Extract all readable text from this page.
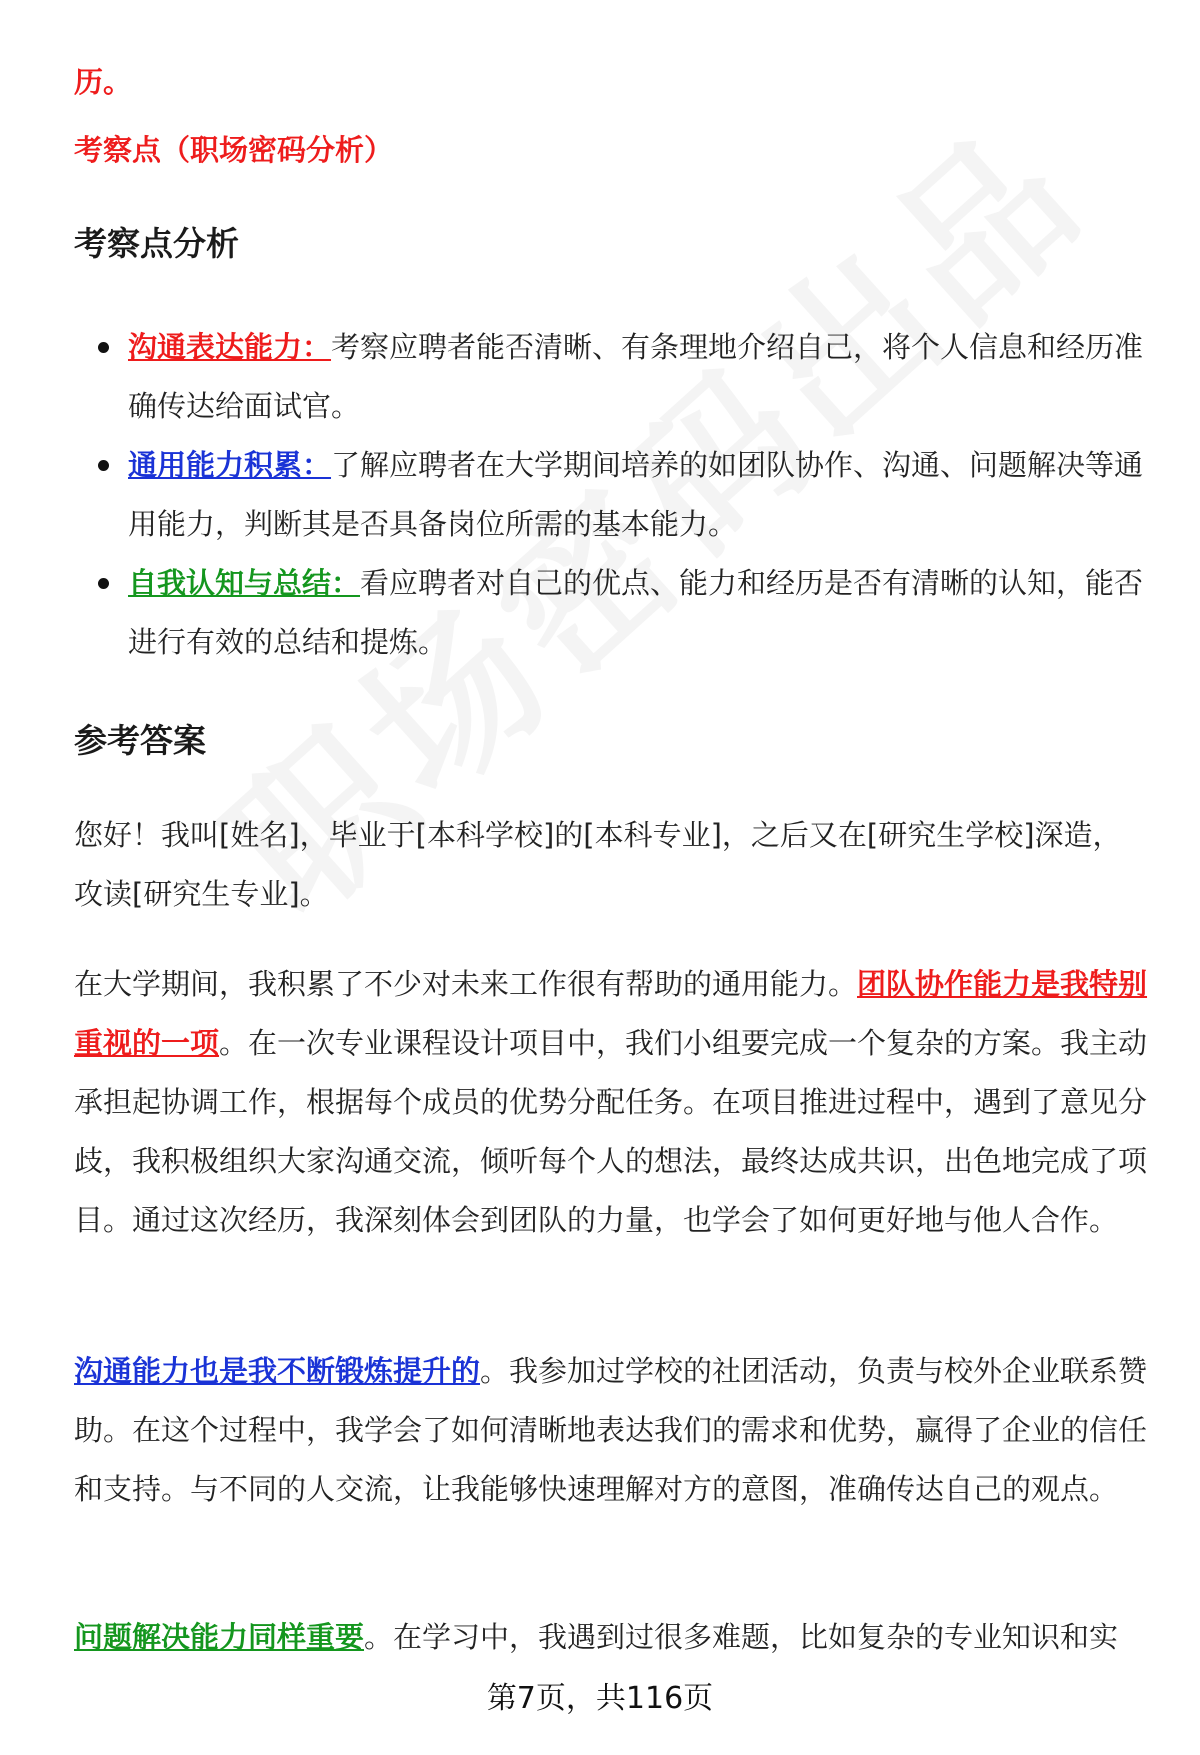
历。
考察点（职场密码分析）
考察点分析
沟通表达能力：考察应聘者能否清晰、有条理地介绍自己，将个人信息和经历准确传达给面试官。
通用能力积累：了解应聘者在大学期间培养的如团队协作、沟通、问题解决等通用能力，判断其是否具备岗位所需的基本能力。
自我认知与总结：看应聘者对自己的优点、能力和经历是否有清晰的认知，能否进行有效的总结和提炼。
参考答案

您好！我叫[姓名]，毕业于[本科学校]的[本科专业]，之后又在[研究生学校]深造，攻读[研究生专业]。

在大学期间，我积累了不少对未来工作很有帮助的通用能力。团队协作能力是我特别重视的一项。在一次专业课程设计项目中，我们小组要完成一个复杂的方案。我主动承担起协调工作，根据每个成员的优势分配任务。在项目推进过程中，遇到了意见分歧，我积极组织大家沟通交流，倾听每个人的想法，最终达成共识，出色地完成了项目。通过这次经历，我深刻体会到团队的力量，也学会了如何更好地与他人合作。

沟通能力也是我不断锻炼提升的。我参加过学校的社团活动，负责与校外企业联系赞助。在这个过程中，我学会了如何清晰地表达我们的需求和优势，赢得了企业的信任和支持。与不同的人交流，让我能够快速理解对方的意图，准确传达自己的观点。

问题解决能力同样重要。在学习中，我遇到过很多难题，比如复杂的专业知识和实

第7页，共116页
